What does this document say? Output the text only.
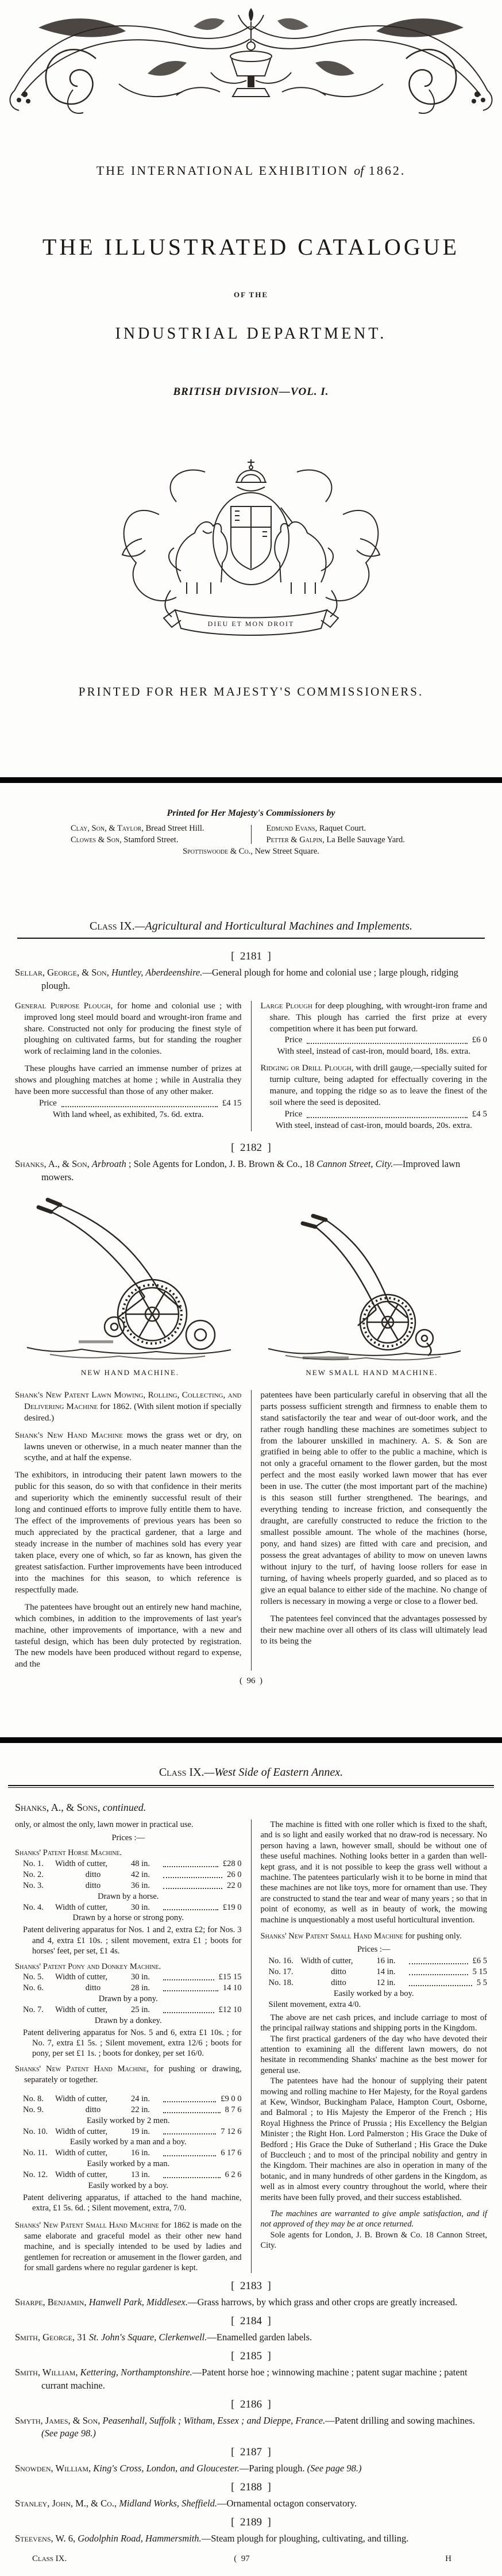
THE INTERNATIONAL EXHIBITION of 1862.
THE ILLUSTRATED CATALOGUE
OF THE
INDUSTRIAL DEPARTMENT.
BRITISH DIVISION—VOL. I.
DIEU ET MON DROIT
PRINTED FOR HER MAJESTY'S COMMISSIONERS.
Printed for Her Majesty's Commissioners by
Clay, Son, & Taylor, Bread Street Hill.
Clowes & Son, Stamford Street.
Edmund Evans, Raquet Court.
Petter & Galpin, La Belle Sauvage Yard.
Spottiswoode & Co., New Street Square.
Class IX.—Agricultural and Horticultural Machines and Implements.
[  2181  ]

Sellar, George, & Son, Huntley, Aberdeenshire.—General plough for home and colonial use ; large plough, ridging plough.

General Purpose Plough, for home and colonial use ; with improved long steel mould board and wrought-iron frame and share. Constructed not only for producing the finest style of ploughing on cultivated farms, but for standing the rougher work of reclaiming land in the colonies.

These ploughs have carried an immense number of prizes at shows and ploughing matches at home ; while in Australia they have been more successful than those of any other maker.

Price	£4 15
With land wheel, as exhibited, 7s. 6d. extra.

Large Plough for deep ploughing, with wrought-iron frame and share. This plough has carried the first prize at every competition where it has been put forward.

Price	£6 0
With steel, instead of cast-iron, mould board, 18s. extra.

Ridging or Drill Plough, with drill gauge,—specially suited for turnip culture, being adapted for effectually covering in the manure, and topping the ridge so as to leave the finest of the soil where the seed is deposited.

Price	£4 5
With steel, instead of cast-iron, mould boards, 20s. extra.
[  2182  ]

Shanks, A., & Son, Arbroath ; Sole Agents for London, J. B. Brown & Co., 18 Cannon Street, City.—Improved lawn mowers.

NEW HAND MACHINE.	NEW SMALL HAND MACHINE.

Shank's New Patent Lawn Mowing, Rolling, Collecting, and Delivering Machine for 1862. (With silent motion if specially desired.)

Shank's New Hand Machine mows the grass wet or dry, on lawns uneven or otherwise, in a much neater manner than the scythe, and at half the expense.

The exhibitors, in introducing their patent lawn mowers to the public for this season, do so with that confidence in their merits and superiority which the eminently successful result of their long and continued efforts to improve fully entitle them to have. The effect of the improvements of previous years has been so much appreciated by the practical gardener, that a large and steady increase in the number of machines sold has every year taken place, every one of which, so far as known, has given the greatest satisfaction. Further improvements have been introduced into the machines for this season, to which reference is respectfully made.

The patentees have brought out an entirely new hand machine, which combines, in addition to the improvements of last year's machine, other improvements of importance, with a new and tasteful design, which has been duly protected by registration. The new models have been produced without regard to expense, and the

patentees have been particularly careful in observing that all the parts possess sufficient strength and firmness to enable them to stand satisfactorily the tear and wear of out-door work, and the rather rough handling these machines are sometimes subject to from the labourer unskilled in machinery. A. S. & Son are gratified in being able to offer to the public a machine, which is not only a graceful ornament to the flower garden, but the most perfect and the most easily worked lawn mower that has ever been in use. The cutter (the most important part of the machine) is this season still further strengthened. The bearings, and everything tending to increase friction, and consequently the draught, are carefully constructed to reduce the friction to the smallest possible amount. The whole of the machines (horse, pony, and hand sizes) are fitted with care and precision, and possess the great advantages of ability to mow on uneven lawns without injury to the turf, of having loose rollers for ease in turning, of having wheels properly guarded, and so placed as to give an equal balance to either side of the machine. No change of rollers is necessary in mowing a verge or close to a flower bed.

The patentees feel convinced that the advantages possessed by their new machine over all others of its class will ultimately lead to its being the

(  96  )
Class IX.—West Side of Eastern Annex.

Shanks, A., & Sons, continued.

only, or almost the only, lawn mower in practical use.

Prices :—
Shanks' Patent Horse Machine.
No. 1.	Width of cutter,	48 in.	£28 0
No. 2.	ditto	42 in.	26 0
No. 3.	ditto	36 in.	22 0
Drawn by a horse.
No. 4.	Width of cutter,	30 in.	£19 0
Drawn by a horse or strong pony.

Patent delivering apparatus for Nos. 1 and 2, extra £2; for Nos. 3 and 4, extra £1 10s. ; silent movement, extra £1 ; boots for horses' feet, per set, £1 4s.

Shanks' Patent Pony and Donkey Machine.
No. 5.	Width of cutter,	30 in.	£15 15
No. 6.	ditto	28 in.	14 10
Drawn by a pony.
No. 7.	Width of cutter,	25 in.	£12 10
Drawn by a donkey.

Patent delivering apparatus for Nos. 5 and 6, extra £1 10s. ; for No. 7, extra £1 5s. ; Silent movement, extra 12/6 ; boots for pony, per set £1 1s. ; boots for donkey, per set 16/0.

Shanks' New Patent Hand Machine, for pushing or drawing, separately or together.

No. 8.	Width of cutter,	24 in.	£9 0 0
No. 9.	ditto	22 in.	8 7 6
Easily worked by 2 men.
No. 10. Width of cutter,	19 in.	7 12 6
Easily worked by a man and a boy.
No. 11. Width of cutter,	16 in.	6 17 6
Easily worked by a man.
No. 12. Width of cutter,	13 in.	6 2 6
Easily worked by a boy.

Patent delivering apparatus, if attached to the hand machine, extra, £1 5s. 6d. ; Silent movement, extra, 7/0.

Shanks' New Patent Small Hand Machine for 1862 is made on the same elaborate and graceful model as their other new hand machine, and is specially intended to be used by ladies and gentlemen for recreation or amusement in the flower garden, and for small gardens where no regular gardener is kept.

The machine is fitted with one roller which is fixed to the shaft, and is so light and easily worked that no draw-rod is necessary. No person having a lawn, however small, should be without one of these useful machines. Nothing looks better in a garden than well-kept grass, and it is not possible to keep the grass well without a machine. The patentees particularly wish it to be borne in mind that these machines are not like toys, more for ornament than use. They are constructed to stand the tear and wear of many years ; so that in point of economy, as well as in beauty of work, the mowing machine is unquestionably a most useful horticultural invention.

Shanks' New Patent Small Hand Machine for pushing only.

Prices :—
No. 16. Width of cutter,	16 in.	£6 5
No. 17.	ditto	14 in.	5 15
No. 18.	ditto	12 in.	5 5
Easily worked by a boy.
Silent movement, extra 4/0.

The above are net cash prices, and include carriage to most of the principal railway stations and shipping ports in the Kingdom.

The first practical gardeners of the day who have devoted their attention to examining all the different lawn mowers, do not hesitate in recommending Shanks' machine as the best mower for general use.

The patentees have had the honour of supplying their patent mowing and rolling machine to Her Majesty, for the Royal gardens at Kew, Windsor, Buckingham Palace, Hampton Court, Osborne, and Balmoral ; to His Majesty the Emperor of the French ; His Royal Highness the Prince of Prussia ; His Excellency the Belgian Minister ; the Right Hon. Lord Palmerston ; His Grace the Duke of Bedford ; His Grace the Duke of Sutherland ; His Grace the Duke of Buccleuch ; and to most of the principal nobility and gentry in the Kingdom. Their machines are also in operation in many of the botanic, and in many hundreds of other gardens in the Kingdom, as well as in almost every country throughout the world, where their merits have been fully proved, and their success established.

The machines are warranted to give ample satisfaction, and if not approved of they may be at once returned.

Sole agents for London, J. B. Brown & Co. 18 Cannon Street, City.

[  2183  ]

Sharpe, Benjamin, Hanwell Park, Middlesex.—Grass harrows, by which grass and other crops are greatly increased.

[  2184  ]

Smith, George, 31 St. John's Square, Clerkenwell.—Enamelled garden labels.

[  2185  ]

Smith, William, Kettering, Northamptonshire.—Patent horse hoe ; winnowing machine ; patent sugar machine ; patent currant machine.

[  2186  ]

Smyth, James, & Son, Peasenhall, Suffolk ; Witham, Essex ; and Dieppe, France.—Patent drilling and sowing machines. (See page 98.)

[  2187  ]

Snowden, William, King's Cross, London, and Gloucester.—Paring plough. (See page 98.)

[  2188  ]

Stanley, John, M., & Co., Midland Works, Sheffield.—Ornamental octagon conservatory.

[  2189  ]

Steevens, W. 6, Godolphin Road, Hammersmith.—Steam plough for ploughing, cultivating, and tilling.

Class IX.	(  97	H
